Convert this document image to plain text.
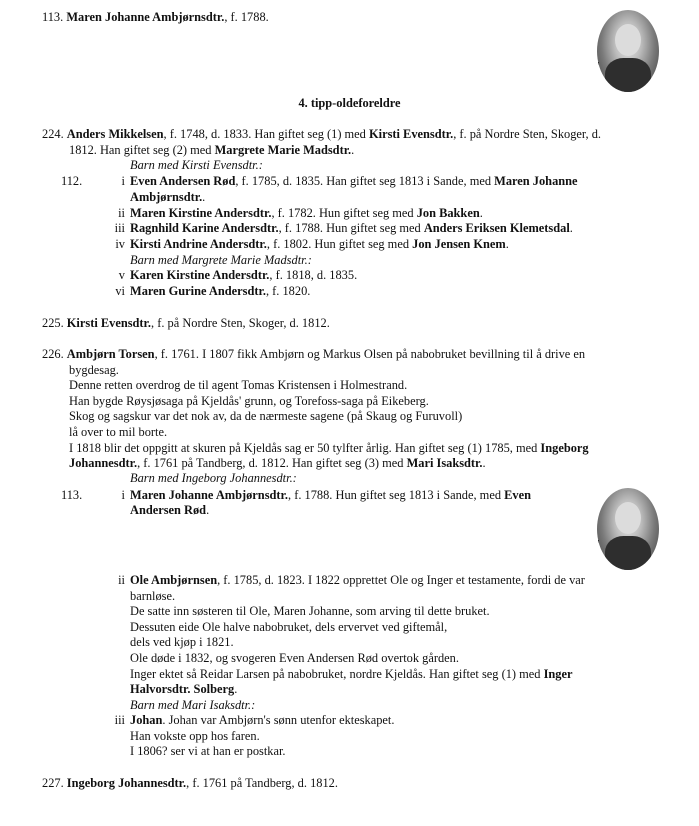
113. Maren Johanne Ambjørnsdtr., f. 1788.
4. tipp-oldeforeldre
224. Anders Mikkelsen, f. 1748, d. 1833. Han giftet seg (1) med Kirsti Evensdtr., f. på Nordre Sten, Skoger, d.
1812. Han giftet seg (2) med Margrete Marie Madsdtr..
Barn med Kirsti Evensdtr.:
112.	i Even Andersen Rød, f. 1785, d. 1835. Han giftet seg 1813 i Sande, med Maren Johanne
Ambjørnsdtr..
ii Maren Kirstine Andersdtr., f. 1782. Hun giftet seg med Jon Bakken.
iii Ragnhild Karine Andersdtr., f. 1788. Hun giftet seg med Anders Eriksen Klemetsdal.
iv Kirsti Andrine Andersdtr., f. 1802. Hun giftet seg med Jon Jensen Knem.
Barn med Margrete Marie Madsdtr.:
v Karen Kirstine Andersdtr., f. 1818, d. 1835.
vi Maren Gurine Andersdtr., f. 1820.
225. Kirsti Evensdtr., f. på Nordre Sten, Skoger, d. 1812.
226. Ambjørn Torsen, f. 1761. I 1807 fikk Ambjørn og Markus Olsen på nabobruket bevillning til å drive en
bygdesag.
Denne retten overdrog de til agent Tomas Kristensen i Holmestrand.
Han bygde Røysjøsaga på Kjeldås' grunn, og Torefoss-saga på Eikeberg.
Skog og sagskur var det nok av, da de nærmeste sagene (på Skaug og Furuvoll)
lå over to mil borte.
I 1818 blir det oppgitt at skuren på Kjeldås sag er 50 tylfter årlig. Han giftet seg (1) 1785, med Ingeborg
Johannesdtr., f. 1761 på Tandberg, d. 1812. Han giftet seg (3) med Mari Isaksdtr..
Barn med Ingeborg Johannesdtr.:
113.	i Maren Johanne Ambjørnsdtr., f. 1788. Hun giftet seg 1813 i Sande, med Even
Andersen Rød.
ii Ole Ambjørnsen, f. 1785, d. 1823. I 1822 opprettet Ole og Inger et testamente, fordi de var
barnløse.
De satte inn søsteren til Ole, Maren Johanne, som arving til dette bruket.
Dessuten eide Ole halve nabobruket, dels ervervet ved giftemål,
dels ved kjøp i 1821.
Ole døde i 1832, og svogeren Even Andersen Rød overtok gården.
Inger ektet så Reidar Larsen på nabobruket, nordre Kjeldås. Han giftet seg (1) med Inger
Halvorsdtr. Solberg.
Barn med Mari Isaksdtr.:
iii Johan. Johan var Ambjørn's sønn utenfor ekteskapet.
Han vokste opp hos faren.
I 1806? ser vi at han er postkar.
227. Ingeborg Johannesdtr., f. 1761 på Tandberg, d. 1812.
